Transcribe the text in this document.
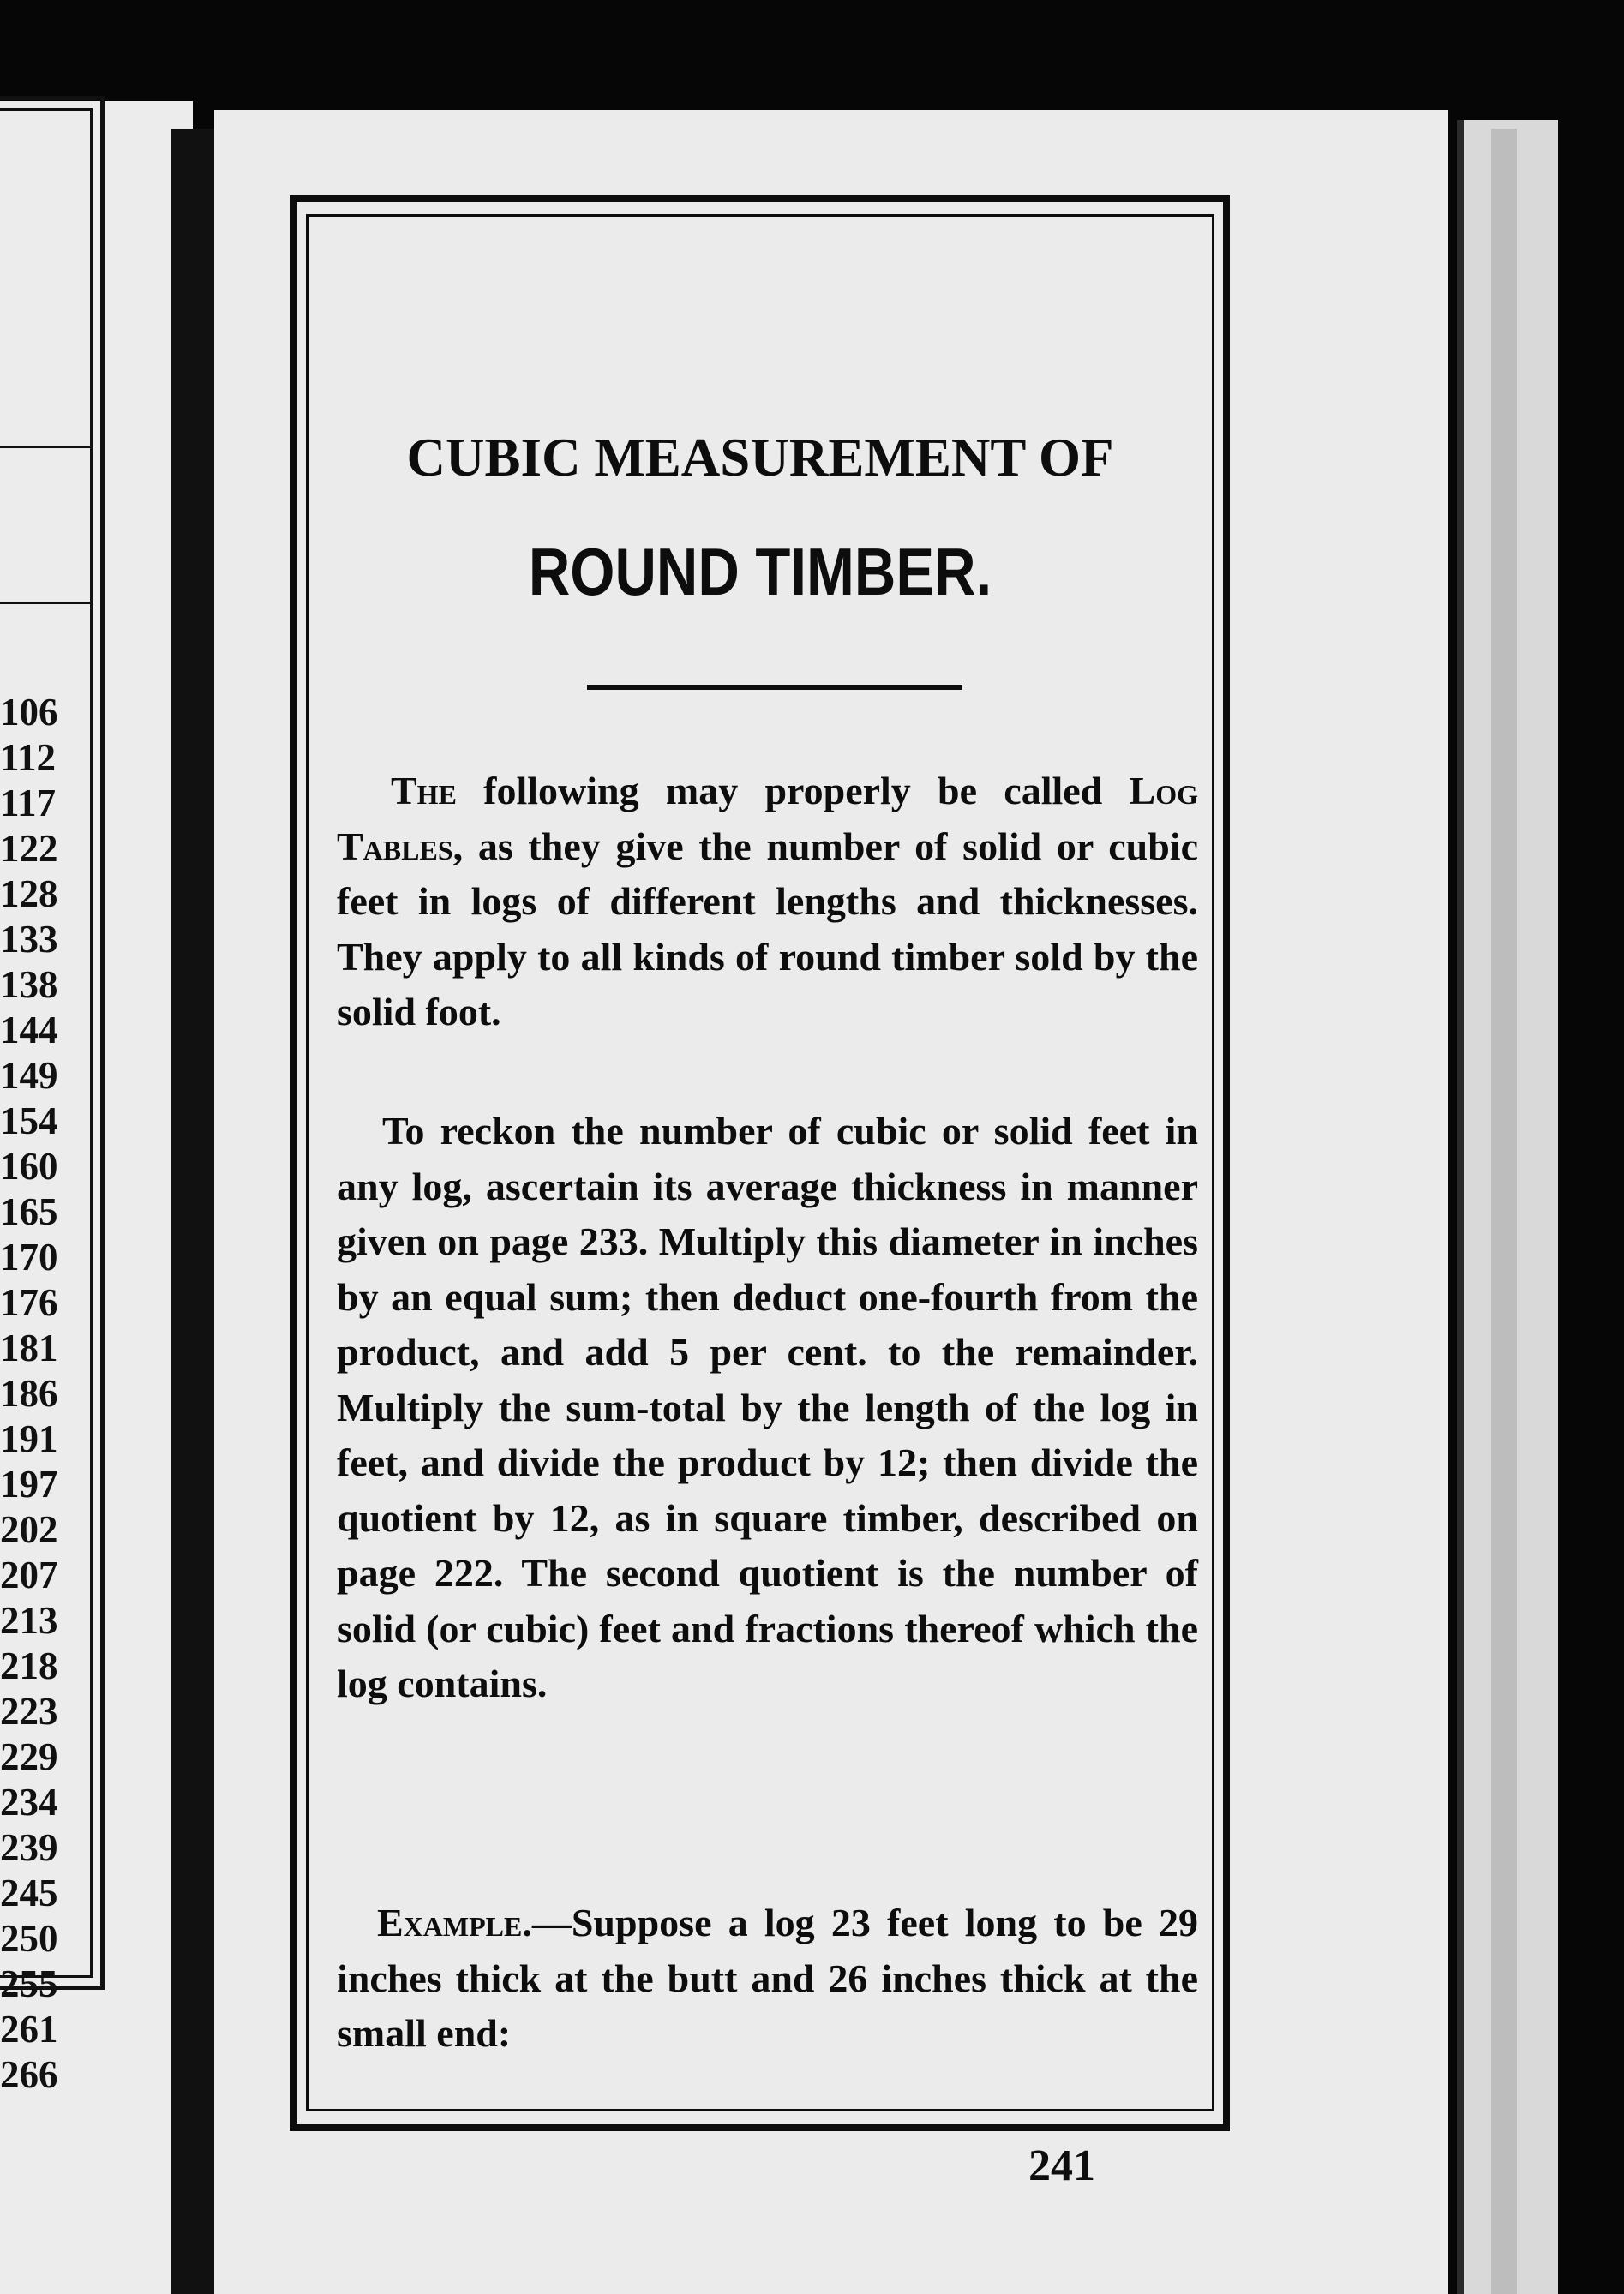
106
112
117
122
128
133
138
144
149
154
160
165
170
176
181
186
191
197
202
207
213
218
223
229
234
239
245
250
255
261
266
CUBIC MEASUREMENT OF
ROUND TIMBER.
The following may properly be called Log Tables, as they give the number of solid or cubic feet in logs of different lengths and thicknesses. They apply to all kinds of round timber sold by the solid foot.
To reckon the number of cubic or solid feet in any log, ascertain its average thickness in manner given on page 233. Multiply this diameter in inches by an equal sum; then deduct one-fourth from the product, and add 5 per cent. to the remainder. Multiply the sum-total by the length of the log in feet, and divide the product by 12; then divide the quotient by 12, as in square timber, described on page 222. The second quotient is the number of solid (or cubic) feet and fractions thereof which the log contains.
Example.—Suppose a log 23 feet long to be 29 inches thick at the butt and 26 inches thick at the small end:
241
